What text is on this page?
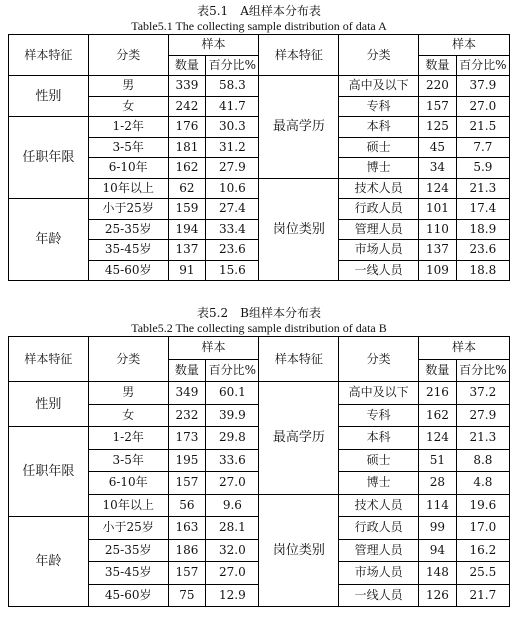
表5.1　A组样本分布表
Table5.1 The collecting sample distribution of data A
样本特征	分类	样本		样本特征	分类	样本	
		数量	百分比%			数量	百分比%
性别	男	339	58.3	最高学历	高中及以下	220	37.9
	女	242	41.7		专科	157	27.0
任职年限	1-2年	176	30.3		本科	125	21.5
	3-5年	181	31.2		硕士	45	7.7
	6-10年	162	27.9		博士	34	5.9
	10年以上	62	10.6	岗位类别	技术人员	124	21.3
年龄	小于25岁	159	27.4		行政人员	101	17.4
	25-35岁	194	33.4		管理人员	110	18.9
	35-45岁	137	23.6		市场人员	137	23.6
	45-60岁	91	15.6		一线人员	109	18.8
表5.2　B组样本分布表
Table5.2 The collecting sample distribution of data B
样本特征	分类	样本		样本特征	分类	样本	
		数量	百分比%			数量	百分比%
性别	男	349	60.1	最高学历	高中及以下	216	37.2
	女	232	39.9		专科	162	27.9
任职年限	1-2年	173	29.8		本科	124	21.3
	3-5年	195	33.6		硕士	51	8.8
	6-10年	157	27.0		博士	28	4.8
	10年以上	56	9.6	岗位类别	技术人员	114	19.6
年龄	小于25岁	163	28.1		行政人员	99	17.0
	25-35岁	186	32.0		管理人员	94	16.2
	35-45岁	157	27.0		市场人员	148	25.5
	45-60岁	75	12.9		一线人员	126	21.7
